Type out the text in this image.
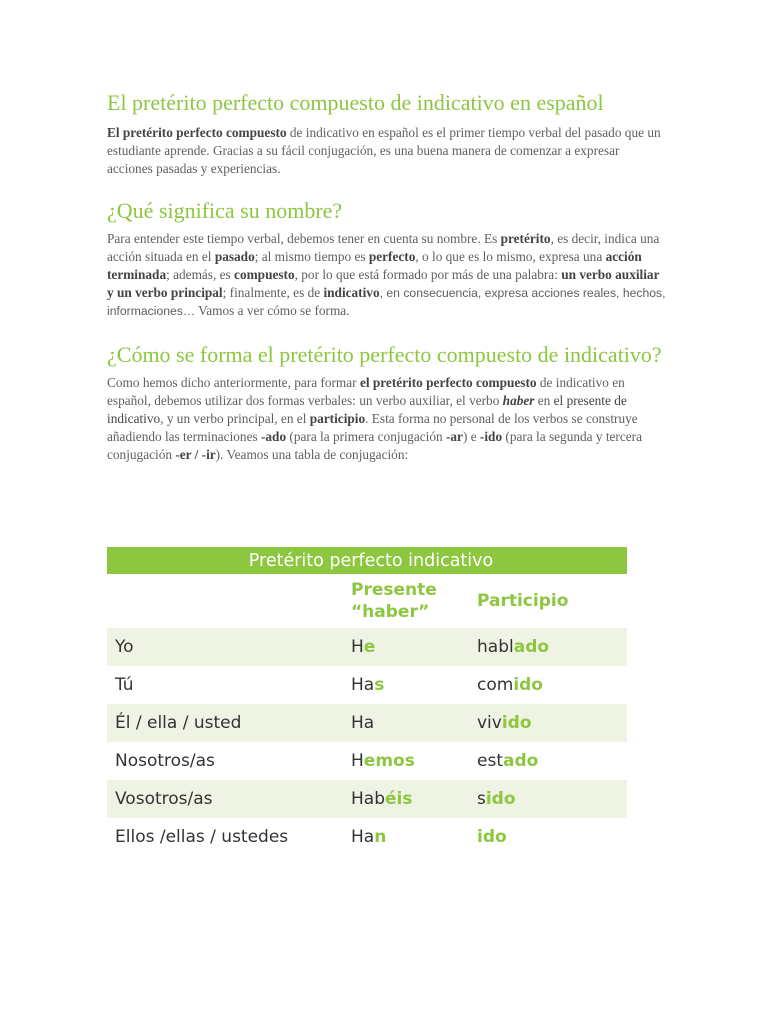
El pretérito perfecto compuesto de indicativo en español

El pretérito perfecto compuesto de indicativo en español es el primer tiempo verbal del pasado que un estudiante aprende. Gracias a su fácil conjugación, es una buena manera de comenzar a expresar acciones pasadas y experiencias.

¿Qué significa su nombre?

Para entender este tiempo verbal, debemos tener en cuenta su nombre. Es pretérito, es decir, indica una acción situada en el pasado; al mismo tiempo es perfecto, o lo que es lo mismo, expresa una acción terminada; además, es compuesto, por lo que está formado por más de una palabra: un verbo auxiliar y un verbo principal; finalmente, es de indicativo, en consecuencia, expresa acciones reales, hechos, informaciones… Vamos a ver cómo se forma.

¿Cómo se forma el pretérito perfecto compuesto de indicativo?

Como hemos dicho anteriormente, para formar el pretérito perfecto compuesto de indicativo en español, debemos utilizar dos formas verbales: un verbo auxiliar, el verbo haber en el presente de indicativo, y un verbo principal, en el participio. Esta forma no personal de los verbos se construye añadiendo las terminaciones -ado (para la primera conjugación -ar) e -ido (para la segunda y tercera conjugación -er / -ir). Veamos una tabla de conjugación:

Pretérito perfecto indicativo		
	Presente
“haber”	Participio
Yo	He	hablado
Tú	Has	comido
Él / ella / usted	Ha	vivido
Nosotros/as	Hemos	estado
Vosotros/as	Habéis	sido
Ellos /ellas / ustedes	Han	ido
